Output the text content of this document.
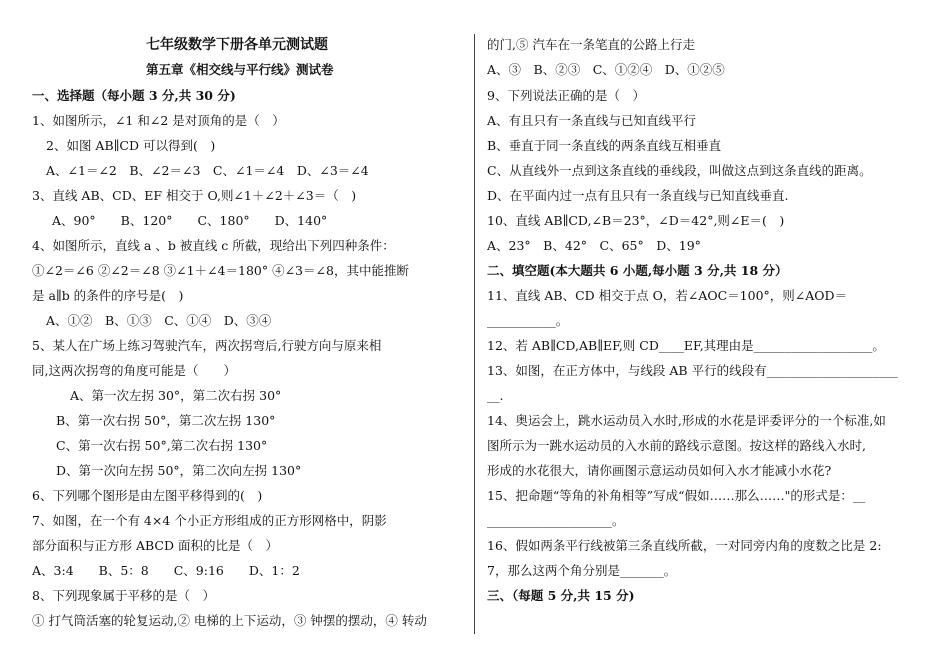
七年级数学下册各单元测试题
第五章《相交线与平行线》测试卷
一、选择题（每小题 3 分,共 30 分)
1、如图所示，∠1 和∠2 是对顶角的是（　）
2、如图 AB∥CD 可以得到(　)
A、∠1＝∠2　B、∠2＝∠3　C、∠1＝∠4　D、∠3＝∠4
3、直线 AB、CD、EF 相交于 O,则∠1＋∠2＋∠3＝（　)
A、90°　　B、120°　　C、180°　　D、140°
4、如图所示，直线 a 、b 被直线 c 所截，现给出下列四种条件：
①∠2＝∠6 ②∠2＝∠8 ③∠1＋∠4＝180° ④∠3＝∠8，其中能推断
是 a∥b 的条件的序号是(　)
A、①②　B、①③　C、①④　D、③④
5、某人在广场上练习驾驶汽车，两次拐弯后,行驶方向与原来相
同,这两次拐弯的角度可能是（　　）
A、第一次左拐 30°，第二次右拐 30°
B、第一次右拐 50°，第二次左拐 130°
C、第一次右拐 50°,第二次右拐 130°
D、第一次向左拐 50°，第二次向左拐 130°
6、下列哪个图形是由左图平移得到的(　)
7、如图，在一个有 4×4 个小正方形组成的正方形网格中，阴影
部分面积与正方形 ABCD 面积的比是（　）
A、3:4　　B、5：8　　C、9:16　　D、1：2
8、下列现象属于平移的是（　）
① 打气筒活塞的轮复运动,② 电梯的上下运动，③ 钟摆的摆动，④ 转动
的门,⑤ 汽车在一条笔直的公路上行走
A、③　B、②③　C、①②④　D、①②⑤
9、下列说法正确的是（　）
A、有且只有一条直线与已知直线平行
B、垂直于同一条直线的两条直线互相垂直
C、从直线外一点到这条直线的垂线段，叫做这点到这条直线的距离。
D、在平面内过一点有且只有一条直线与已知直线垂直.
10、直线 AB∥CD,∠B＝23°，∠D＝42°,则∠E＝(　)
A、23°　B、42°　C、65°　D、19°
二、填空题(本大题共 6 小题,每小题 3 分,共 18 分）
11、直线 AB、CD 相交于点 O，若∠AOC＝100°，则∠AOD＝
___________。
12、若 AB∥CD,AB∥EF,则 CD____EF,其理由是___________________。
13、如图，在正方体中，与线段 AB 平行的线段有_____________________
__.
14、奥运会上，跳水运动员入水时,形成的水花是评委评分的一个标准,如
图所示为一跳水运动员的入水前的路线示意图。按这样的路线入水时,
形成的水花很大，请你画图示意运动员如何入水才能减小水花?
15、把命题“等角的补角相等”写成“假如……那么……"的形式是：__
____________________。
16、假如两条平行线被第三条直线所截，一对同旁内角的度数之比是 2:
7，那么这两个角分别是_______。
三、（每题 5 分,共 15 分)
